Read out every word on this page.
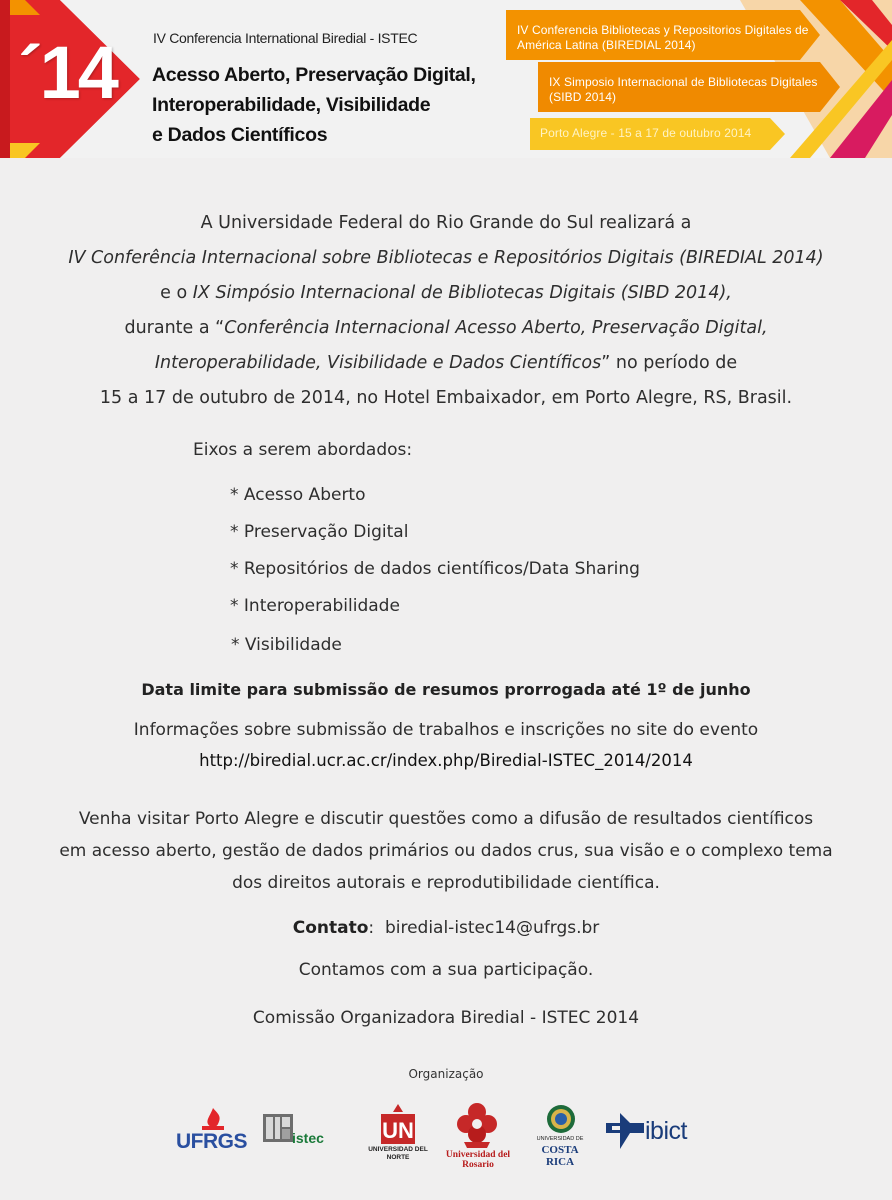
´14	IV Conferencia International Biredial - ISTEC
Acesso Aberto, Preservação Digital,
Interoperabilidade, Visibilidade
e Dados Científicos
IV Conferencia Bibliotecas y Repositorios Digitales de América Latina (BIREDIAL 2014)
IX Simposio Internacional de Bibliotecas Digitales (SIBD 2014)
Porto Alegre - 15 a 17 de outubro 2014
A Universidade Federal do Rio Grande do Sul realizará a
IV Conferência Internacional sobre Bibliotecas e Repositórios Digitais (BIREDIAL 2014)
e o IX Simpósio Internacional de Bibliotecas Digitais (SIBD 2014),
durante a “Conferência Internacional Acesso Aberto, Preservação Digital,
Interoperabilidade, Visibilidade e Dados Científicos” no período de
15 a 17 de outubro de 2014, no Hotel Embaixador, em Porto Alegre, RS, Brasil.
Eixos a serem abordados:
* Acesso Aberto
* Preservação Digital
* Repositórios de dados científicos/Data Sharing
* Interoperabilidade
* Visibilidade
Data limite para submissão de resumos prorrogada até 1º de junho
Informações sobre submissão de trabalhos e inscrições no site do evento
http://biredial.ucr.ac.cr/index.php/Biredial-ISTEC_2014/2014
Venha visitar Porto Alegre e discutir questões como a difusão de resultados científicos
em acesso aberto, gestão de dados primários ou dados crus, sua visão e o complexo tema
dos direitos autorais e reprodutibilidade científica.
Contato:  biredial-istec14@ufrgs.br
Contamos com a sua participação.
Comissão Organizadora Biredial - ISTEC 2014
Organização
UFRGS	istec	UN
UNIVERSIDAD DEL NORTE	Universidad del Rosario
UNIVERSIDAD DE
COSTA RICA
ibict
